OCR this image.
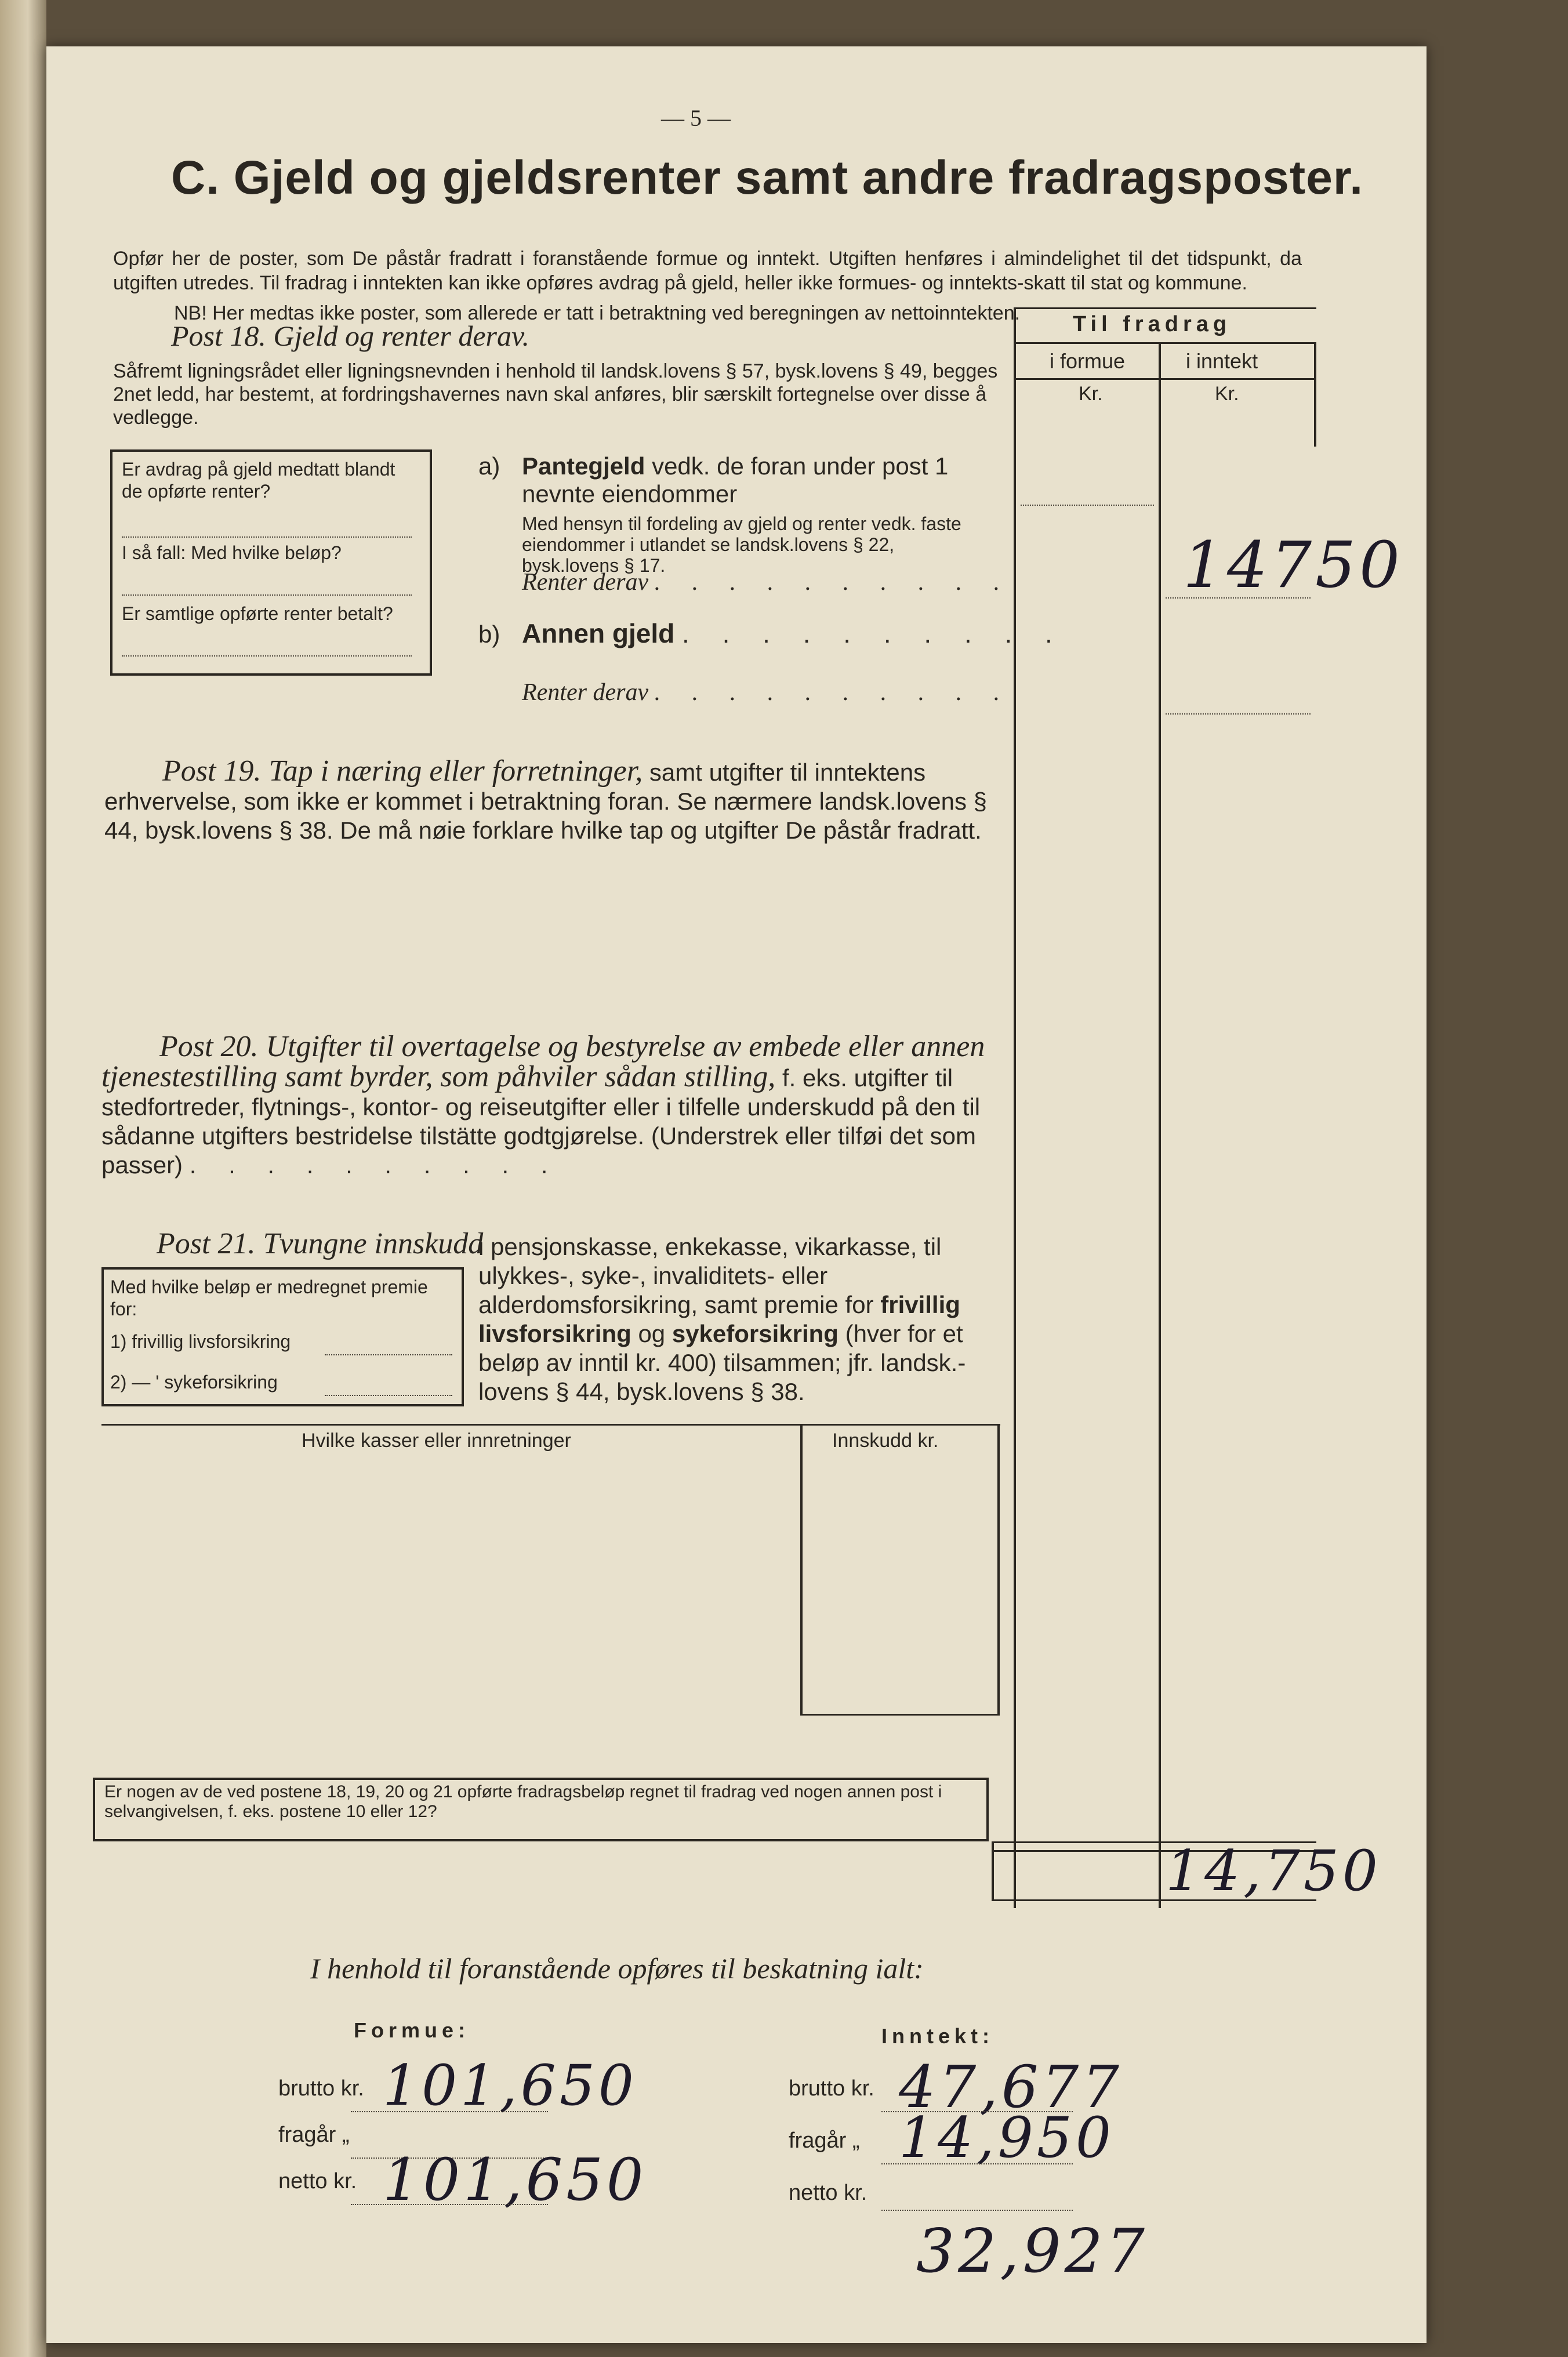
— 5 —
C. Gjeld og gjeldsrenter samt andre fradragsposter.
Opfør her de poster, som De påstår fradratt i foranstående formue og inntekt. Utgiften henføres i almindelighet til det tidspunkt, da utgiften utredes. Til fradrag i inntekten kan ikke opføres avdrag på gjeld, heller ikke formues- og inntekts-skatt til stat og kommune.
NB! Her medtas ikke poster, som allerede er tatt i betraktning ved beregningen av nettoinntekten.	Til fradrag
i formue	i inntekt
Kr.	Kr.
Post 18. Gjeld og renter derav.
Såfremt ligningsrådet eller ligningsnevnden i henhold til landsk.lovens § 57, bysk.lovens § 49, begges 2net ledd, har bestemt, at fordringshavernes navn skal anføres, blir særskilt fortegnelse over disse å vedlegge.
Er avdrag på gjeld medtatt blandt de opførte renter?
I så fall: Med hvilke beløp?
Er samtlige opførte renter betalt?
a) Pantegjeld vedk. de foran under post 1 nevnte eiendommer
Med hensyn til fordeling av gjeld og renter vedk. faste eiendommer i utlandet se landsk.lovens § 22, bysk.lovens § 17.
Renter derav . . . . . . . . . .
b) Annen gjeld . . . . . . . . . .
Renter derav . . . . . . . . . .
14750
Post 19. Tap i næring eller forretninger, samt utgifter til inntektens erhvervelse, som ikke er kommet i betraktning foran. Se nærmere landsk.lovens § 44, bysk.lovens § 38. De må nøie forklare hvilke tap og utgifter De påstår fradratt.
Post 20. Utgifter til overtagelse og bestyrelse av embede eller annen tjenestestilling samt byrder, som påhviler sådan stilling, f. eks. utgifter til stedfortreder, flytnings-, kontor- og reiseutgifter eller i tilfelle underskudd på den til sådanne utgifters bestridelse tilstätte godtgjørelse. (Understrek eller tilføi det som passer) . . . . . . . . . .
Post 21. Tvungne innskudd
i pensjonskasse, enkekasse, vikarkasse, til ulykkes-, syke-, invaliditets- eller alderdomsforsikring, samt premie for frivillig livsforsikring og sykeforsikring (hver for et beløp av inntil kr. 400) tilsammen; jfr. landsk.-lovens § 44, bysk.lovens § 38.
Med hvilke beløp er medregnet premie for:
1) frivillig livsforsikring
2) — ' sykeforsikring
Hvilke kasser eller innretninger	Innskudd kr.
Er nogen av de ved postene 18, 19, 20 og 21 opførte fradragsbeløp regnet til fradrag ved nogen annen post i selvangivelsen, f. eks. postene 10 eller 12?
14,750
I henhold til foranstående opføres til beskatning ialt:
Formue:	Inntekt:
brutto kr. 101,650
fragår „
netto kr. 101,650
brutto kr. 47,677
fragår „ 14,950
netto kr.
32,927
